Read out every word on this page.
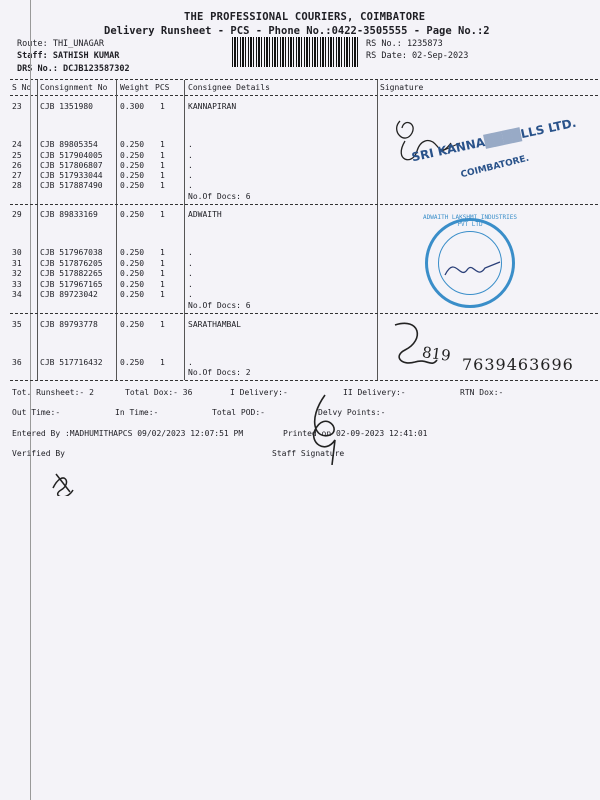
THE PROFESSIONAL COURIERS, COIMBATORE
Delivery Runsheet - PCS - Phone No.:0422-3505555 - Page No.:2
Route: THI_UNAGAR
Staff: SATHISH KUMAR
DRS No.: DCJB123587302
RS No.: 1235873
RS Date: 02-Sep-2023
S No Consignment No Weight PCS Consignee Details	Signature
23 CJB 1351980	0.300 1	KANNAPIRAN
24 CJB 89805354	0.250 1	.
25 CJB 517904005 0.250 1	.
26 CJB 517806807 0.250 1	.
27 CJB 517933044 0.250 1	.
28 CJB 517887490 0.250 1	.
No.Of Docs: 6
29 CJB 89833169	0.250 1	ADWAITH
30 CJB 517967038 0.250 1	.
31 CJB 517876205 0.250 1	.
32 CJB 517882265 0.250 1	.
33 CJB 517967165 0.250 1	.
34 CJB 89723042	0.250 1	.
No.Of Docs: 6
35 CJB 89793778	0.250 1	SARATHAMBAL
36 CJB 517716432 0.250 1	.
No.Of Docs: 2
SRI KANNA████LLS LTD.
COIMBATORE.
ADWAITH LAKSHMI INDUSTRIES PVT LTD
819 7639463696
Tot. Runsheet:- 2	Total Dox:- 36	I Delivery:-	II Delivery:-	RTN Dox:-
Out Time:-	In Time:-	Total POD:-	Delvy Points:-
Entered By :MADHUMITHAPCS 09/02/2023 12:07:51 PM	Printed on 02-09-2023 12:41:01
Verified By	Staff Signature
